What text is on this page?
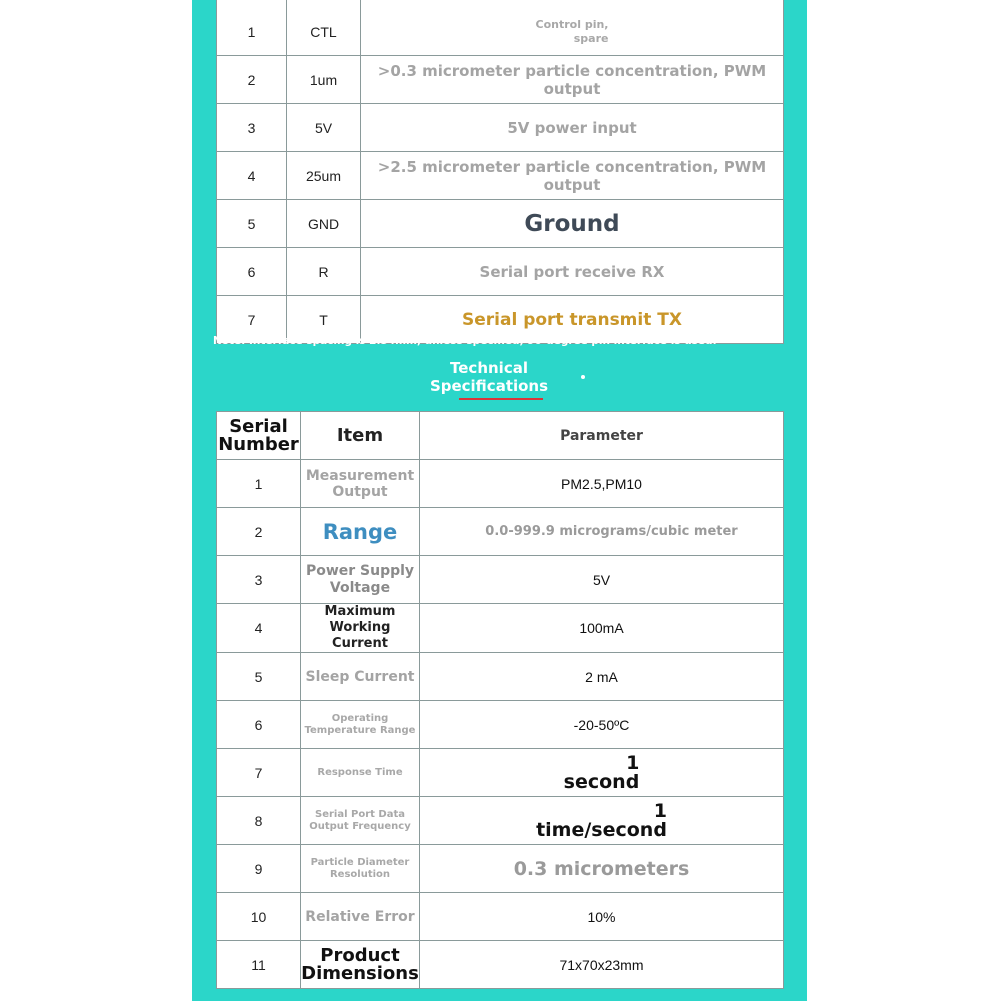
1	CTL	Control pin,
spare
2	1um	>0.3 micrometer particle concentration, PWM output
3	5V	5V power input
4	25um	>2.5 micrometer particle concentration, PWM output
5	GND	Ground
6	R	Serial port receive RX
7	T	Serial port transmit TX
Note: Interface spacing is 2.54mm, unless specified, 90-degree pin interface is used.
Technical
Specifications
Serial
Number	Item	Parameter
1	Measurement
Output	PM2.5,PM10
2	Range	0.0-999.9 micrograms/cubic meter
3	Power Supply
Voltage	5V
4	Maximum
Working Current	100mA
5	Sleep Current	2 mA
6	Operating
Temperature Range	-20-50ºC
7	Response Time	1
second
8	Serial Port Data
Output Frequency	1
time/second
9	Particle Diameter
Resolution	0.3 micrometers
10	Relative Error	10%
11	Product
Dimensions	71x70x23mm
